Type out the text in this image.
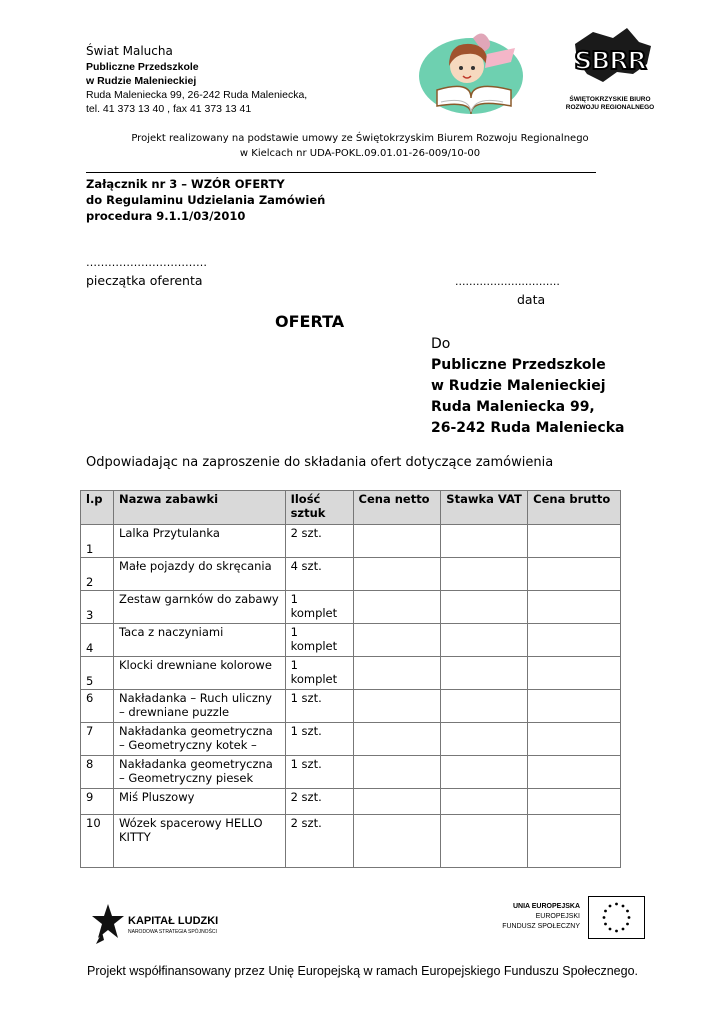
Świat Malucha
Publiczne Przedszkole
w Rudzie Malenieckiej
Ruda Maleniecka 99, 26-242 Ruda Maleniecka,
tel. 41 373 13 40 , fax 41 373 13 41
SBRR
ŚWIĘTOKRZYSKIE BIURO
ROZWOJU REGIONALNEGO
Projekt realizowany na podstawie umowy ze Świętokrzyskim Biurem Rozwoju Regionalnego
w Kielcach nr UDA-POKL.09.01.01-26-009/10-00
Załącznik nr 3 – WZÓR OFERTY
do Regulaminu Udzielania Zamówień
procedura 9.1.1/03/2010
……………………………
pieczątka oferenta	..............................
data
OFERTA
Do
Publiczne Przedszkole
w Rudzie Malenieckiej
Ruda Maleniecka 99,
26-242 Ruda Maleniecka
Odpowiadając na zaproszenie do składania ofert dotyczące zamówienia
l.p	Nazwa zabawki	Ilość sztuk	Cena netto	Stawka VAT	Cena brutto
1	Lalka Przytulanka	2 szt.			
2	Małe pojazdy do skręcania	4 szt.			
3	Zestaw garnków do zabawy	1 komplet			
4	Taca z naczyniami	1 komplet			
5	Klocki drewniane kolorowe	1 komplet			
6	Nakładanka – Ruch uliczny – drewniane puzzle	1 szt.			
7	Nakładanka geometryczna – Geometryczny kotek –	1 szt.			
8	Nakładanka geometryczna – Geometryczny piesek	1 szt.			
9	Miś Pluszowy	2 szt.			
10	Wózek spacerowy HELLO KITTY	2 szt.			
KAPITAŁ LUDZKI
NARODOWA STRATEGIA SPÓJNOŚCI
UNIA EUROPEJSKA
EUROPEJSKI
FUNDUSZ SPOŁECZNY
Projekt współfinansowany przez Unię Europejską w ramach Europejskiego Funduszu Społecznego.
